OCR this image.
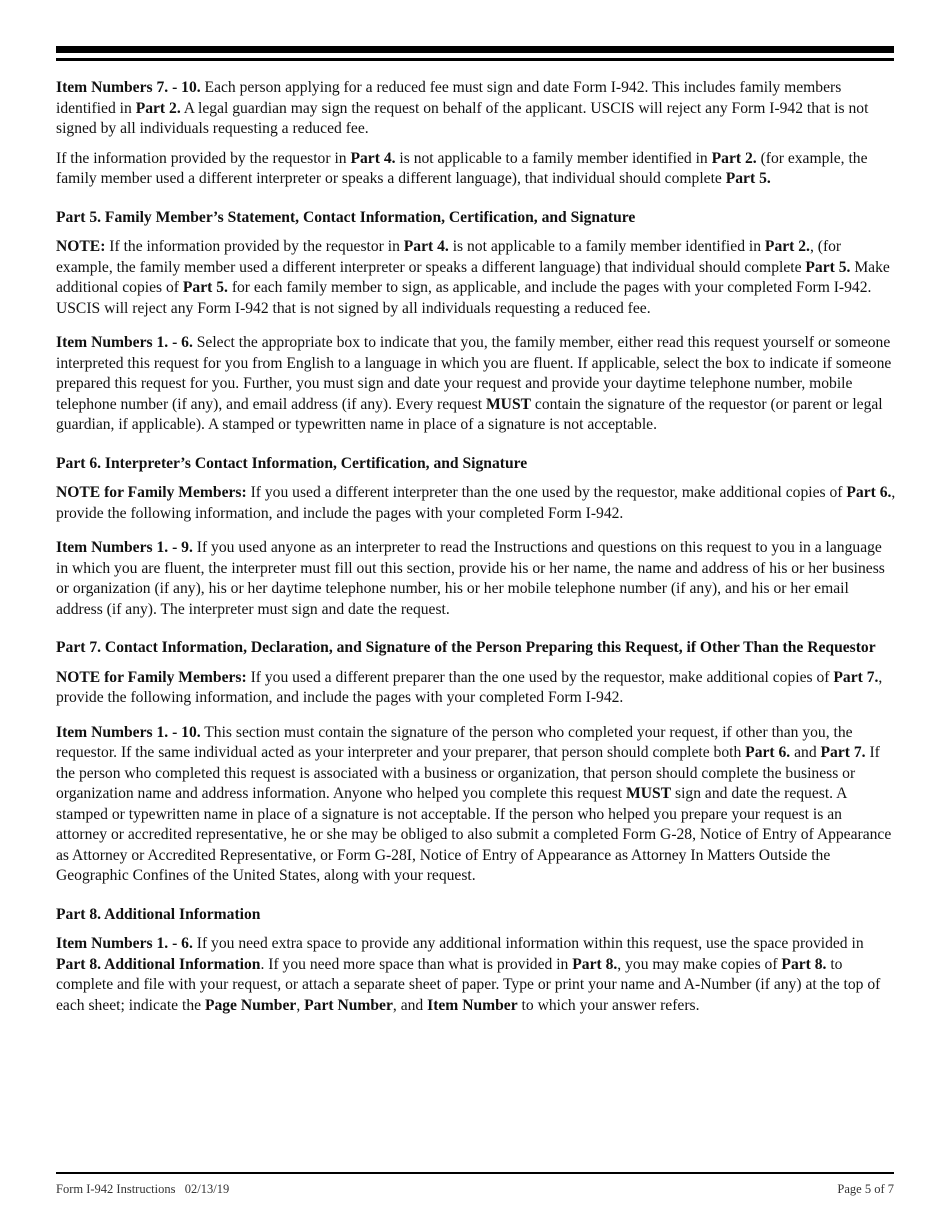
Item Numbers 7. - 10. Each person applying for a reduced fee must sign and date Form I-942. This includes family members identified in Part 2. A legal guardian may sign the request on behalf of the applicant. USCIS will reject any Form I-942 that is not signed by all individuals requesting a reduced fee.

If the information provided by the requestor in Part 4. is not applicable to a family member identified in Part 2. (for example, the family member used a different interpreter or speaks a different language), that individual should complete Part 5.

Part 5. Family Member’s Statement, Contact Information, Certification, and Signature

NOTE: If the information provided by the requestor in Part 4. is not applicable to a family member identified in Part 2., (for example, the family member used a different interpreter or speaks a different language) that individual should complete Part 5. Make additional copies of Part 5. for each family member to sign, as applicable, and include the pages with your completed Form I-942. USCIS will reject any Form I-942 that is not signed by all individuals requesting a reduced fee.

Item Numbers 1. - 6. Select the appropriate box to indicate that you, the family member, either read this request yourself or someone interpreted this request for you from English to a language in which you are fluent. If applicable, select the box to indicate if someone prepared this request for you. Further, you must sign and date your request and provide your daytime telephone number, mobile telephone number (if any), and email address (if any). Every request MUST contain the signature of the requestor (or parent or legal guardian, if applicable). A stamped or typewritten name in place of a signature is not acceptable.

Part 6. Interpreter’s Contact Information, Certification, and Signature

NOTE for Family Members: If you used a different interpreter than the one used by the requestor, make additional copies of Part 6., provide the following information, and include the pages with your completed Form I-942.

Item Numbers 1. - 9. If you used anyone as an interpreter to read the Instructions and questions on this request to you in a language in which you are fluent, the interpreter must fill out this section, provide his or her name, the name and address of his or her business or organization (if any), his or her daytime telephone number, his or her mobile telephone number (if any), and his or her email address (if any). The interpreter must sign and date the request.

Part 7. Contact Information, Declaration, and Signature of the Person Preparing this Request, if Other Than the Requestor

NOTE for Family Members: If you used a different preparer than the one used by the requestor, make additional copies of Part 7., provide the following information, and include the pages with your completed Form I-942.

Item Numbers 1. - 10. This section must contain the signature of the person who completed your request, if other than you, the requestor. If the same individual acted as your interpreter and your preparer, that person should complete both Part 6. and Part 7. If the person who completed this request is associated with a business or organization, that person should complete the business or organization name and address information. Anyone who helped you complete this request MUST sign and date the request. A stamped or typewritten name in place of a signature is not acceptable. If the person who helped you prepare your request is an attorney or accredited representative, he or she may be obliged to also submit a completed Form G-28, Notice of Entry of Appearance as Attorney or Accredited Representative, or Form G-28I, Notice of Entry of Appearance as Attorney In Matters Outside the Geographic Confines of the United States, along with your request.

Part 8. Additional Information

Item Numbers 1. - 6. If you need extra space to provide any additional information within this request, use the space provided in Part 8. Additional Information. If you need more space than what is provided in Part 8., you may make copies of Part 8. to complete and file with your request, or attach a separate sheet of paper. Type or print your name and A-Number (if any) at the top of each sheet; indicate the Page Number, Part Number, and Item Number to which your answer refers.

Form I-942 Instructions   02/13/19	Page 5 of 7
